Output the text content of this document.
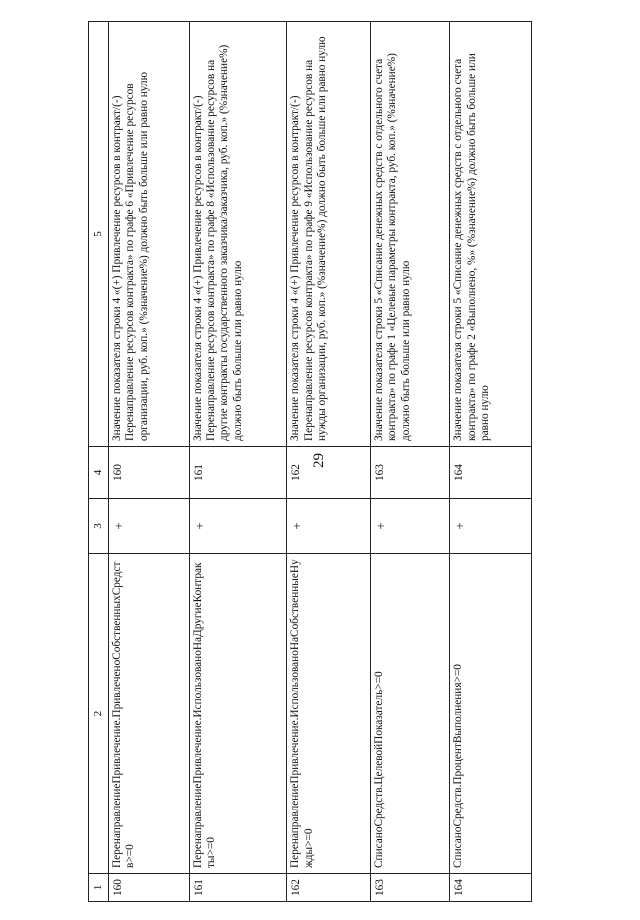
29
1	2	3	4	5
160	ПеренаправлениеПривлечение.ПривлеченоСобственныхСредств>=0	+	160	Значение показателя строки 4 «(+) Привлечение ресурсов в контракт/(-) Перенаправление ресурсов контракта» по графе 6 «Привлечение ресурсов организации, руб. коп.» (%значение%) должно быть больше или равно нулю
161	ПеренаправлениеПривлечение.ИспользованоНаДругиеКонтракты>=0	+	161	Значение показателя строки 4 «(+) Привлечение ресурсов в контракт/(-) Перенаправление ресурсов контракта» по графе 8 «Использование ресурсов на другие контракты государственного заказчика/заказчика, руб. коп.» (%значение%) должно быть больше или равно нулю
162	ПеренаправлениеПривлечение.ИспользованоНаСобственныеНужды>=0	+	162	Значение показателя строки 4 «(+) Привлечение ресурсов в контракт/(-) Перенаправление ресурсов контракта» по графе 9 «Использование ресурсов на нужды организации, руб. коп.» (%значение%) должно быть больше или равно нулю
163	СписаноСредств.ЦелевойПоказатель>=0	+	163	Значение показателя строки 5 «Списание денежных средств с отдельного счета контракта» по графе 1 «Целевые параметры контракта, руб. коп.» (%значение%) должно быть больше или равно нулю
164	СписаноСредств.ПроцентВыполнения>=0	+	164	Значение показателя строки 5 «Списание денежных средств с отдельного счета контракта» по графе 2 «Выполнено, %» (%значение%) должно быть больше или равно нулю
